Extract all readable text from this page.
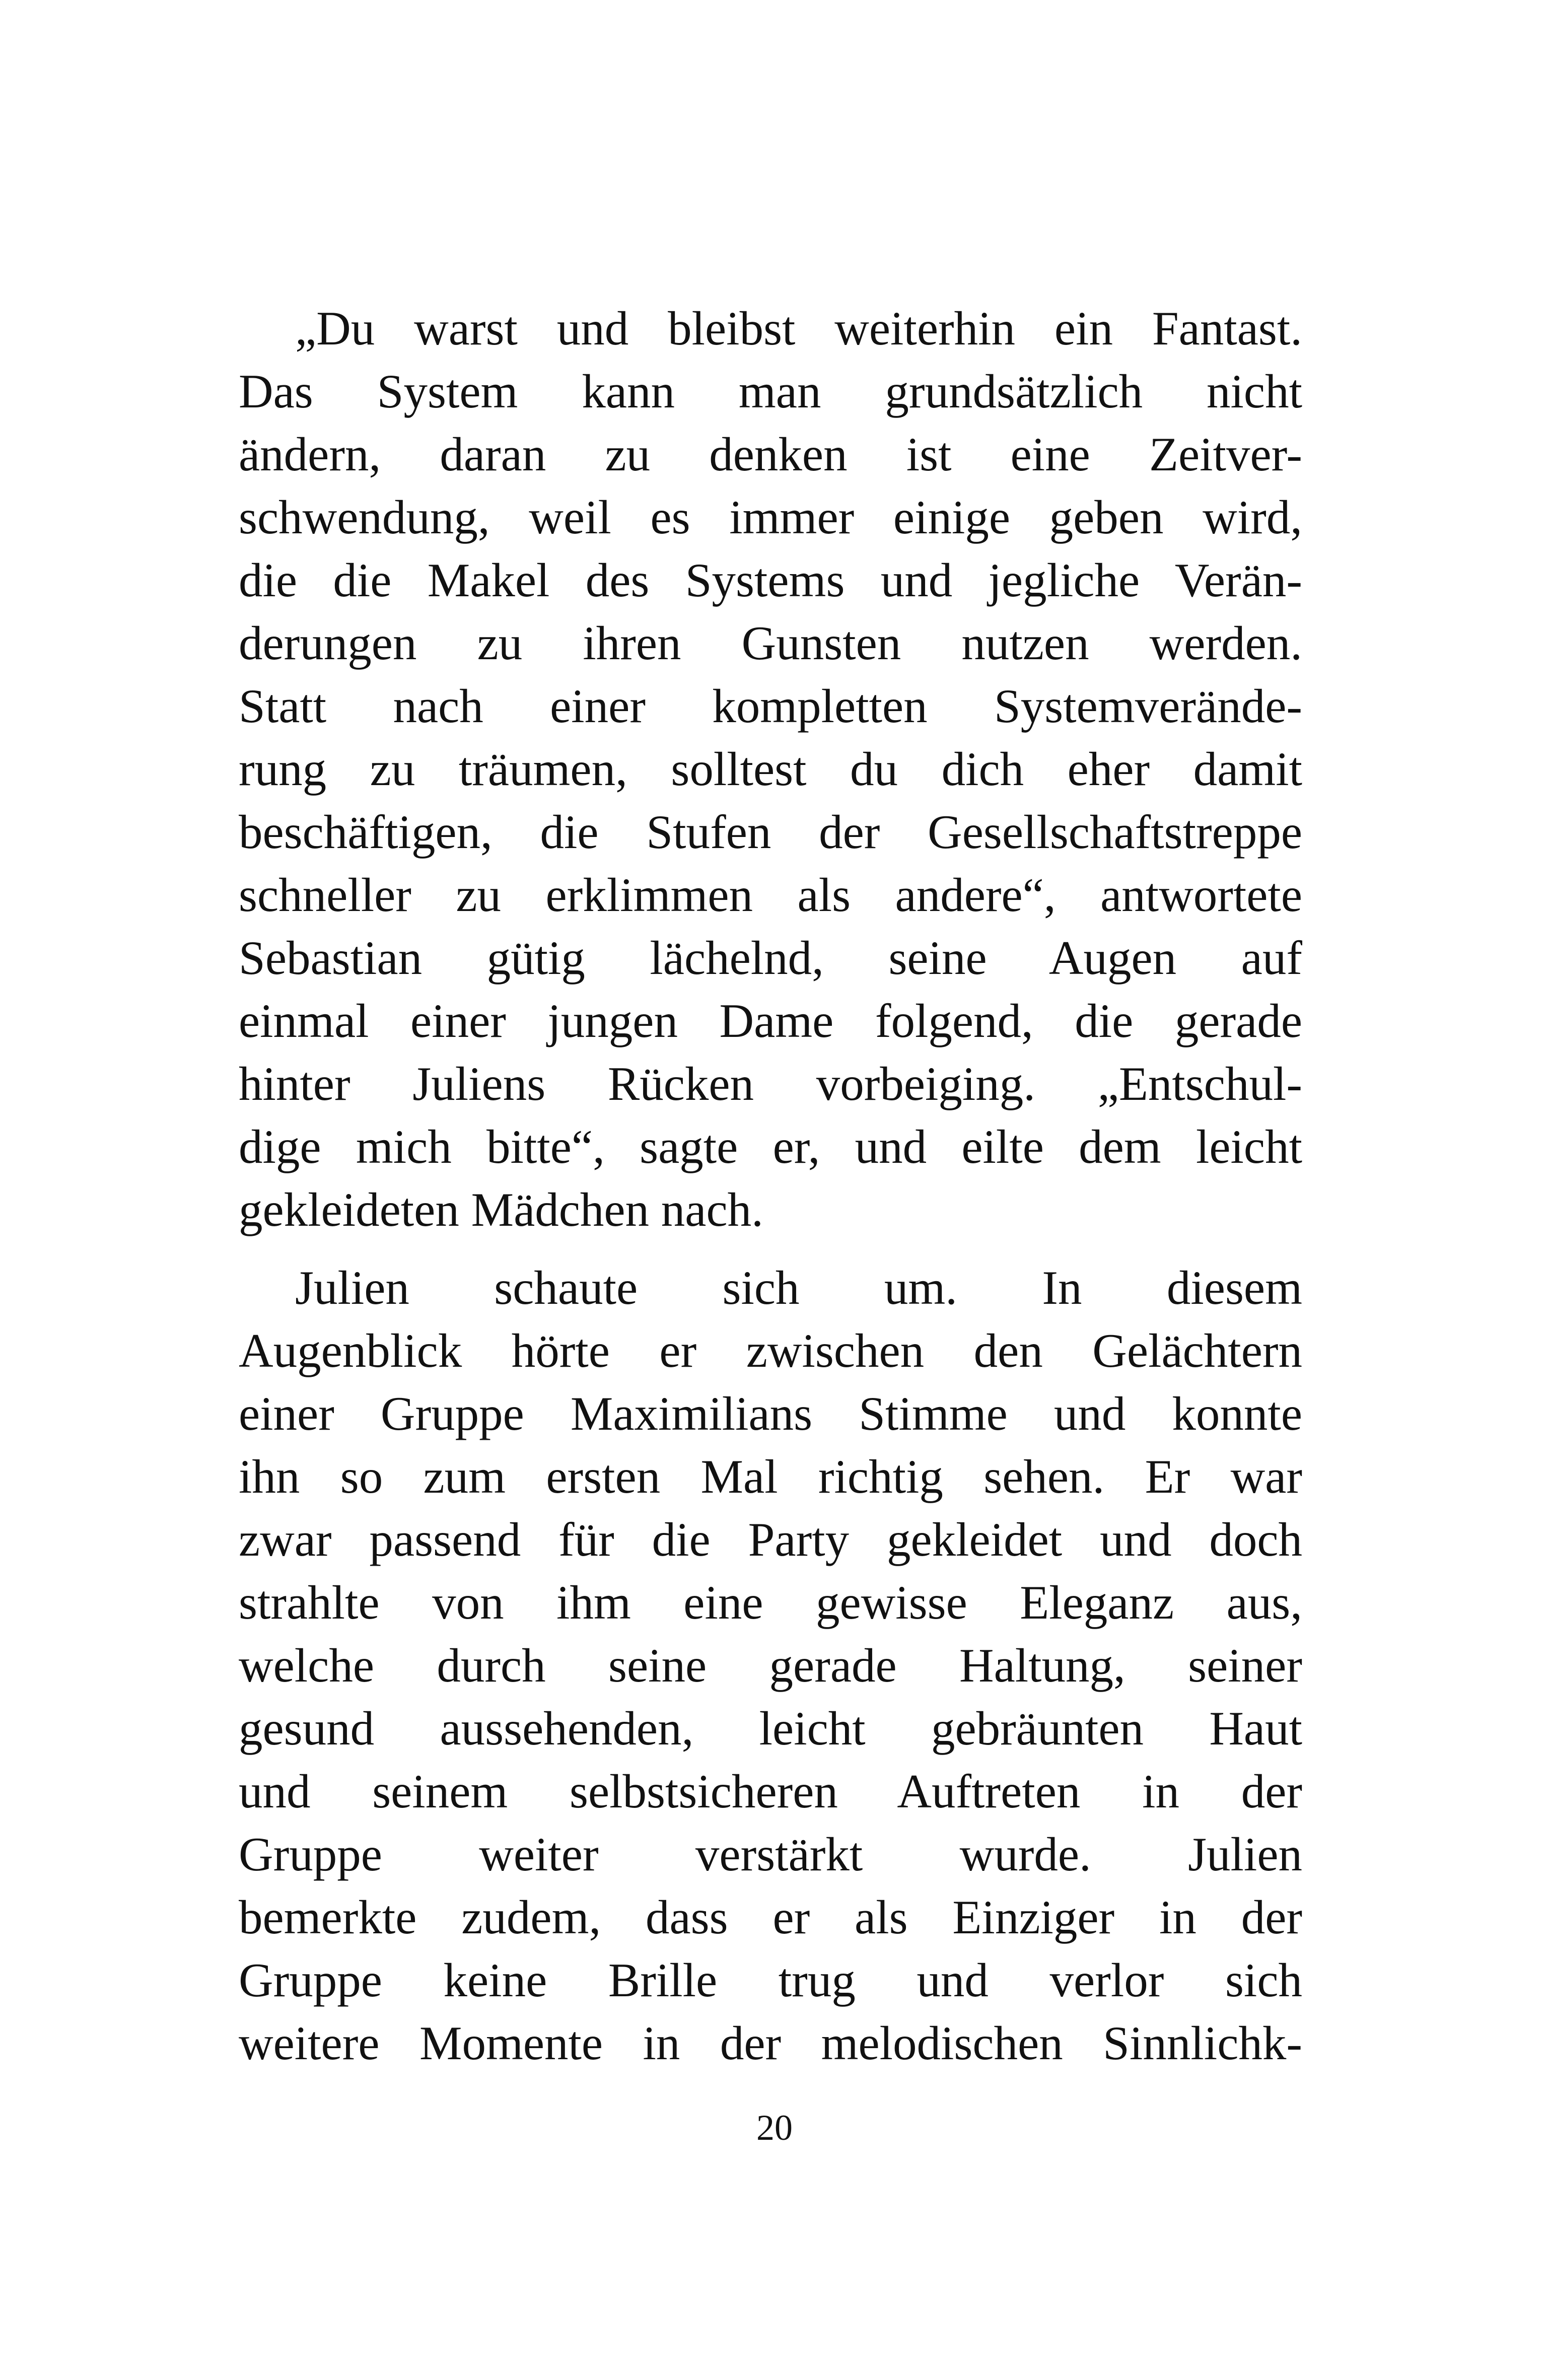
„Du warst und bleibst weiterhin ein Fantast.
Das System kann man grundsätzlich nicht
ändern, daran zu denken ist eine Zeitver-
schwendung, weil es immer einige geben wird,
die die Makel des Systems und jegliche Verän-
derungen zu ihren Gunsten nutzen werden.
Statt nach einer kompletten Systemverände-
rung zu träumen, solltest du dich eher damit
beschäftigen, die Stufen der Gesellschaftstreppe
schneller zu erklimmen als andere“, antwortete
Sebastian gütig lächelnd, seine Augen auf
einmal einer jungen Dame folgend, die gerade
hinter Juliens Rücken vorbeiging. „Entschul-
dige mich bitte“, sagte er, und eilte dem leicht
gekleideten Mädchen nach.
Julien schaute sich um. In diesem
Augenblick hörte er zwischen den Gelächtern
einer Gruppe Maximilians Stimme und konnte
ihn so zum ersten Mal richtig sehen. Er war
zwar passend für die Party gekleidet und doch
strahlte von ihm eine gewisse Eleganz aus,
welche durch seine gerade Haltung, seiner
gesund aussehenden, leicht gebräunten Haut
und seinem selbstsicheren Auftreten in der
Gruppe weiter verstärkt wurde. Julien
bemerkte zudem, dass er als Einziger in der
Gruppe keine Brille trug und verlor sich
weitere Momente in der melodischen Sinnlichk-
20
